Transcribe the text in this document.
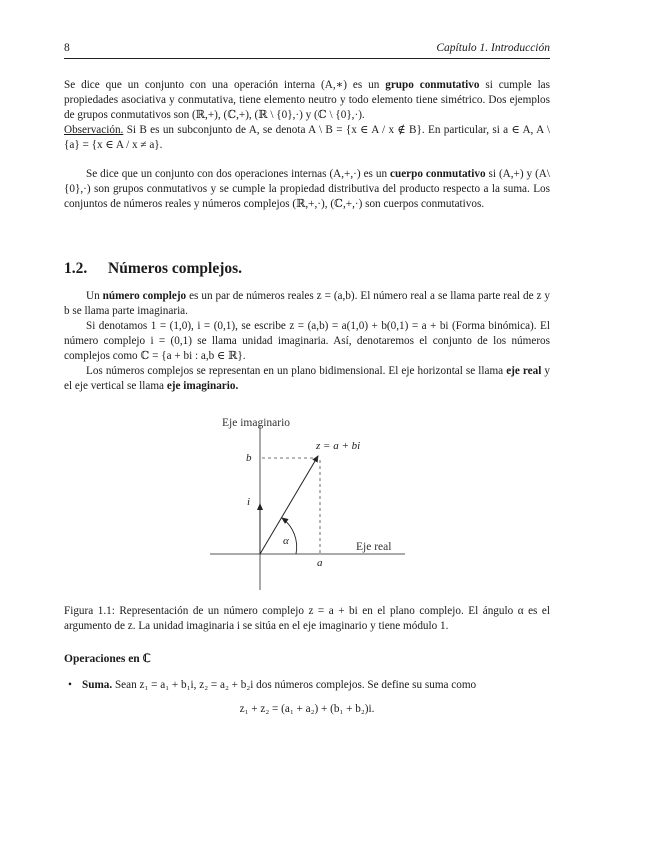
8	Capítulo 1. Introducción

Se dice que un conjunto con una operación interna (A,∗) es un grupo conmutativo si cumple las propiedades asociativa y conmutativa, tiene elemento neutro y todo elemento tiene simétrico. Dos ejemplos de grupos conmutativos son (ℝ,+), (ℂ,+), (ℝ \ {0},·) y (ℂ \ {0},·).

Observación. Si B es un subconjunto de A, se denota A \ B = {x ∈ A / x ∉ B}. En particular, si a ∈ A, A \ {a} = {x ∈ A / x ≠ a}.

Se dice que un conjunto con dos operaciones internas (A,+,·) es un cuerpo conmutativo si (A,+) y (A\{0},·) son grupos conmutativos y se cumple la propiedad distributiva del producto respecto a la suma. Los conjuntos de números reales y números complejos (ℝ,+,·), (ℂ,+,·) son cuerpos conmutativos.

1.2. Números complejos.

Un número complejo es un par de números reales z = (a,b). El número real a se llama parte real de z y b se llama parte imaginaria.

Si denotamos 1 = (1,0), i = (0,1), se escribe z = (a,b) = a(1,0) + b(0,1) = a + bi (Forma binómica). El número complejo i = (0,1) se llama unidad imaginaria. Así, denotaremos el conjunto de los números complejos como ℂ = {a + bi : a,b ∈ ℝ}.

Los números complejos se representan en un plano bidimensional. El eje horizontal se llama eje real y el eje vertical se llama eje imaginario.

Eje imaginario
Eje real
z = a + bi
b
a
i
α

Figura 1.1: Representación de un número complejo z = a + bi en el plano complejo. El ángulo α es el argumento de z. La unidad imaginaria i se sitúa en el eje imaginario y tiene módulo 1.

Operaciones en ℂ
• Suma. Sean z₁ = a₁ + b₁i, z₂ = a₂ + b₂i dos números complejos. Se define su suma como
z₁ + z₂ = (a₁ + a₂) + (b₁ + b₂)i.
